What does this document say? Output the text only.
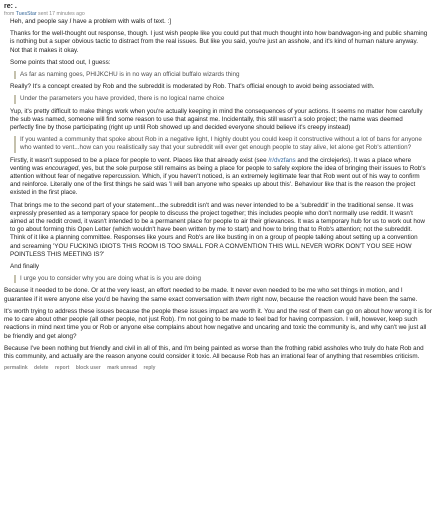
re: .
from TuesStar sent 17 minutes ago

Heh, and people say I have a problem with walls of text. :]

Thanks for the well-thought out response, though. I just wish people like you could put that much thought into how bandwagon-ing and public shaming is nothing but a super obvious tactic to distract from the real issues. But like you said, you're just an asshole, and it's kind of human nature anyway. Not that it makes it okay.

Some points that stood out, I guess:

As far as naming goes, PHIJKCHU is in no way an official buffalo wizards thing

Really? It's a concept created by Rob and the subreddit is moderated by Rob. That's official enough to avoid being associated with.

Under the parameters you have provided, there is no logical name choice

Yup, it's pretty difficult to make things work when you're actually keeping in mind the consequences of your actions. It seems no matter how carefully the sub was named, someone will find some reason to use that against me. Incidentally, this still wasn't a solo project; the name was deemed perfectly fine by those participating (right up until Rob showed up and decided everyone should believe it's creepy instead)

If you wanted a community that spoke about Rob in a negative light, I highly doubt you could keep it constructive without a lot of bans for anyone who wanted to vent...how can you realistically say that your subreddit will ever get enough people to stay alive, let alone get Rob's attention?

Firstly, it wasn't supposed to be a place for people to vent. Places like that already exist (see /r/dvzfans and the circlejerks). It was a place where venting was encouraged, yes, but the sole purpose still remains as being a place for people to safely explore the idea of bringing their issues to Rob's attention without fear of negative repercussion. Which, if you haven't noticed, is an extremely legitimate fear that Rob went out of his way to confirm and reinforce. Literally one of the first things he said was 'I will ban anyone who speaks up about this'. Behaviour like that is the reason the project existed in the first place.

That brings me to the second part of your statement...the subreddit isn't and was never intended to be a 'subreddit' in the traditional sense. It was expressly presented as a temporary space for people to discuss the project together; this includes people who don't normally use reddit. It wasn't aimed at the reddit crowd, it wasn't intended to be a permanent place for people to air their grievances. It was a temporary hub for us to work out how to go about forming this Open Letter (which wouldn't have been written by me to start) and how to bring that to Rob's attention; not the subreddit. Think of it like a planning committee. Responses like yours and Rob's are like busting in on a group of people talking about setting up a convention and screaming 'YOU FUCKING IDIOTS THIS ROOM IS TOO SMALL FOR A CONVENTION THIS WILL NEVER WORK DON'T YOU SEE HOW POINTLESS THIS MEETING IS?'

And finally

I urge you to consider why you are doing what is is you are doing

Because it needed to be done. Or at the very least, an effort needed to be made. It never even needed to be me who set things in motion, and I guarantee if it were anyone else you'd be having the same exact conversation with them right now, because the reaction would have been the same.

It's worth trying to address these issues because the people these issues impact are worth it. You and the rest of them can go on about how wrong it is for me to care about other people (all other people, not just Rob). I'm not going to be made to feel bad for having compassion. I will, however, keep such reactions in mind next time you or Rob or anyone else complains about how negative and uncaring and toxic the community is, and why can't we just all be friendly and get along?

Because I've been nothing but friendly and civil in all of this, and I'm being painted as worse than the frothing rabid assholes who truly do hate Rob and this community, and actually are the reason anyone could consider it toxic. All because Rob has an irrational fear of anything that resembles criticism.

permalink delete report block user mark unread reply
